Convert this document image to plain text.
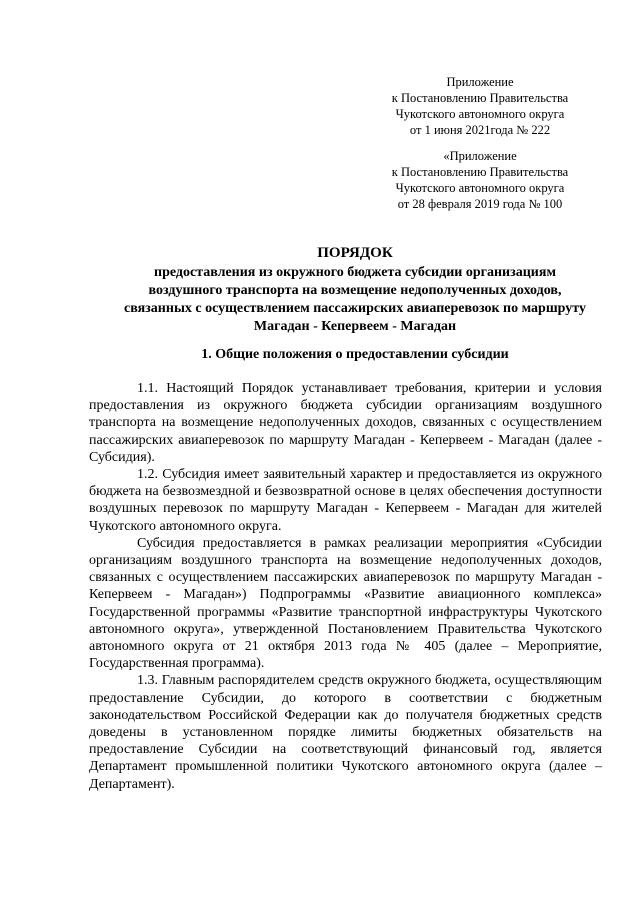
Приложение
к Постановлению Правительства
Чукотского автономного округа
от 1 июня 2021года № 222
«Приложение
к Постановлению Правительства
Чукотского автономного округа
от 28 февраля 2019 года № 100
ПОРЯДОК
предоставления из окружного бюджета субсидии организациям
воздушного транспорта на возмещение недополученных доходов,
связанных с осуществлением пассажирских авиаперевозок по маршруту
Магадан - Кепервеем - Магадан
1. Общие положения о предоставлении субсидии

1.1. Настоящий Порядок устанавливает требования, критерии и условия предоставления из окружного бюджета субсидии организациям воздушного транспорта на возмещение недополученных доходов, связанных с осуществлением пассажирских авиаперевозок по маршруту Магадан - Кепервеем - Магадан (далее - Субсидия).

1.2. Субсидия имеет заявительный характер и предоставляется из окружного бюджета на безвозмездной и безвозвратной основе в целях обеспечения доступности воздушных перевозок по маршруту Магадан - Кепервеем - Магадан для жителей Чукотского автономного округа.

Субсидия предоставляется в рамках реализации мероприятия «Субсидии организациям воздушного транспорта на возмещение недополученных доходов, связанных с осуществлением пассажирских авиаперевозок по маршруту Магадан - Кепервеем - Магадан») Подпрограммы «Развитие авиационного комплекса» Государственной программы «Развитие транспортной инфраструктуры Чукотского автономного округа», утвержденной Постановлением Правительства Чукотского автономного округа от 21 октября 2013 года № 405 (далее – Мероприятие, Государственная программа).

1.3. Главным распорядителем средств окружного бюджета, осуществляющим предоставление Субсидии, до которого в соответствии с бюджетным законодательством Российской Федерации как до получателя бюджетных средств доведены в установленном порядке лимиты бюджетных обязательств на предоставление Субсидии на соответствующий финансовый год, является Департамент промышленной политики Чукотского автономного округа (далее – Департамент).
